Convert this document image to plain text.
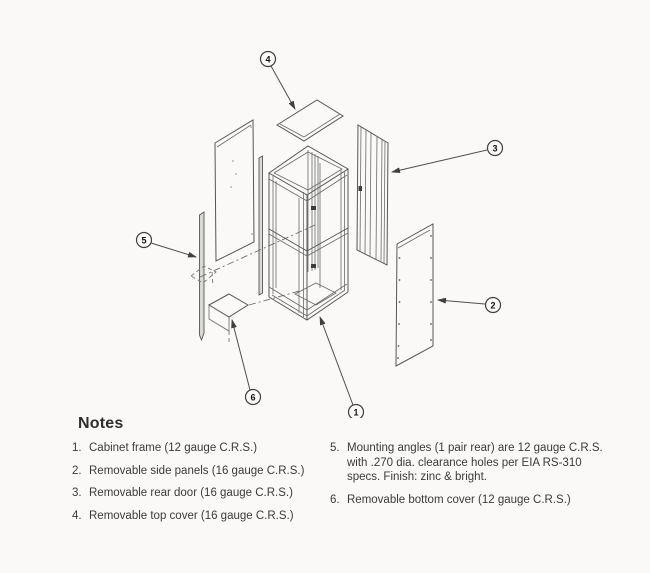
4
3
2
5
6
1
Notes
1. Cabinet frame (12 gauge C.R.S.)
2. Removable side panels (16 gauge C.R.S.)
3. Removable rear door (16 gauge C.R.S.)
4. Removable top cover (16 gauge C.R.S.)
5. Mounting angles (1 pair rear) are 12 gauge C.R.S. with .270 dia. clearance holes per EIA RS-310 specs. Finish: zinc & bright.
6. Removable bottom cover (12 gauge C.R.S.)
